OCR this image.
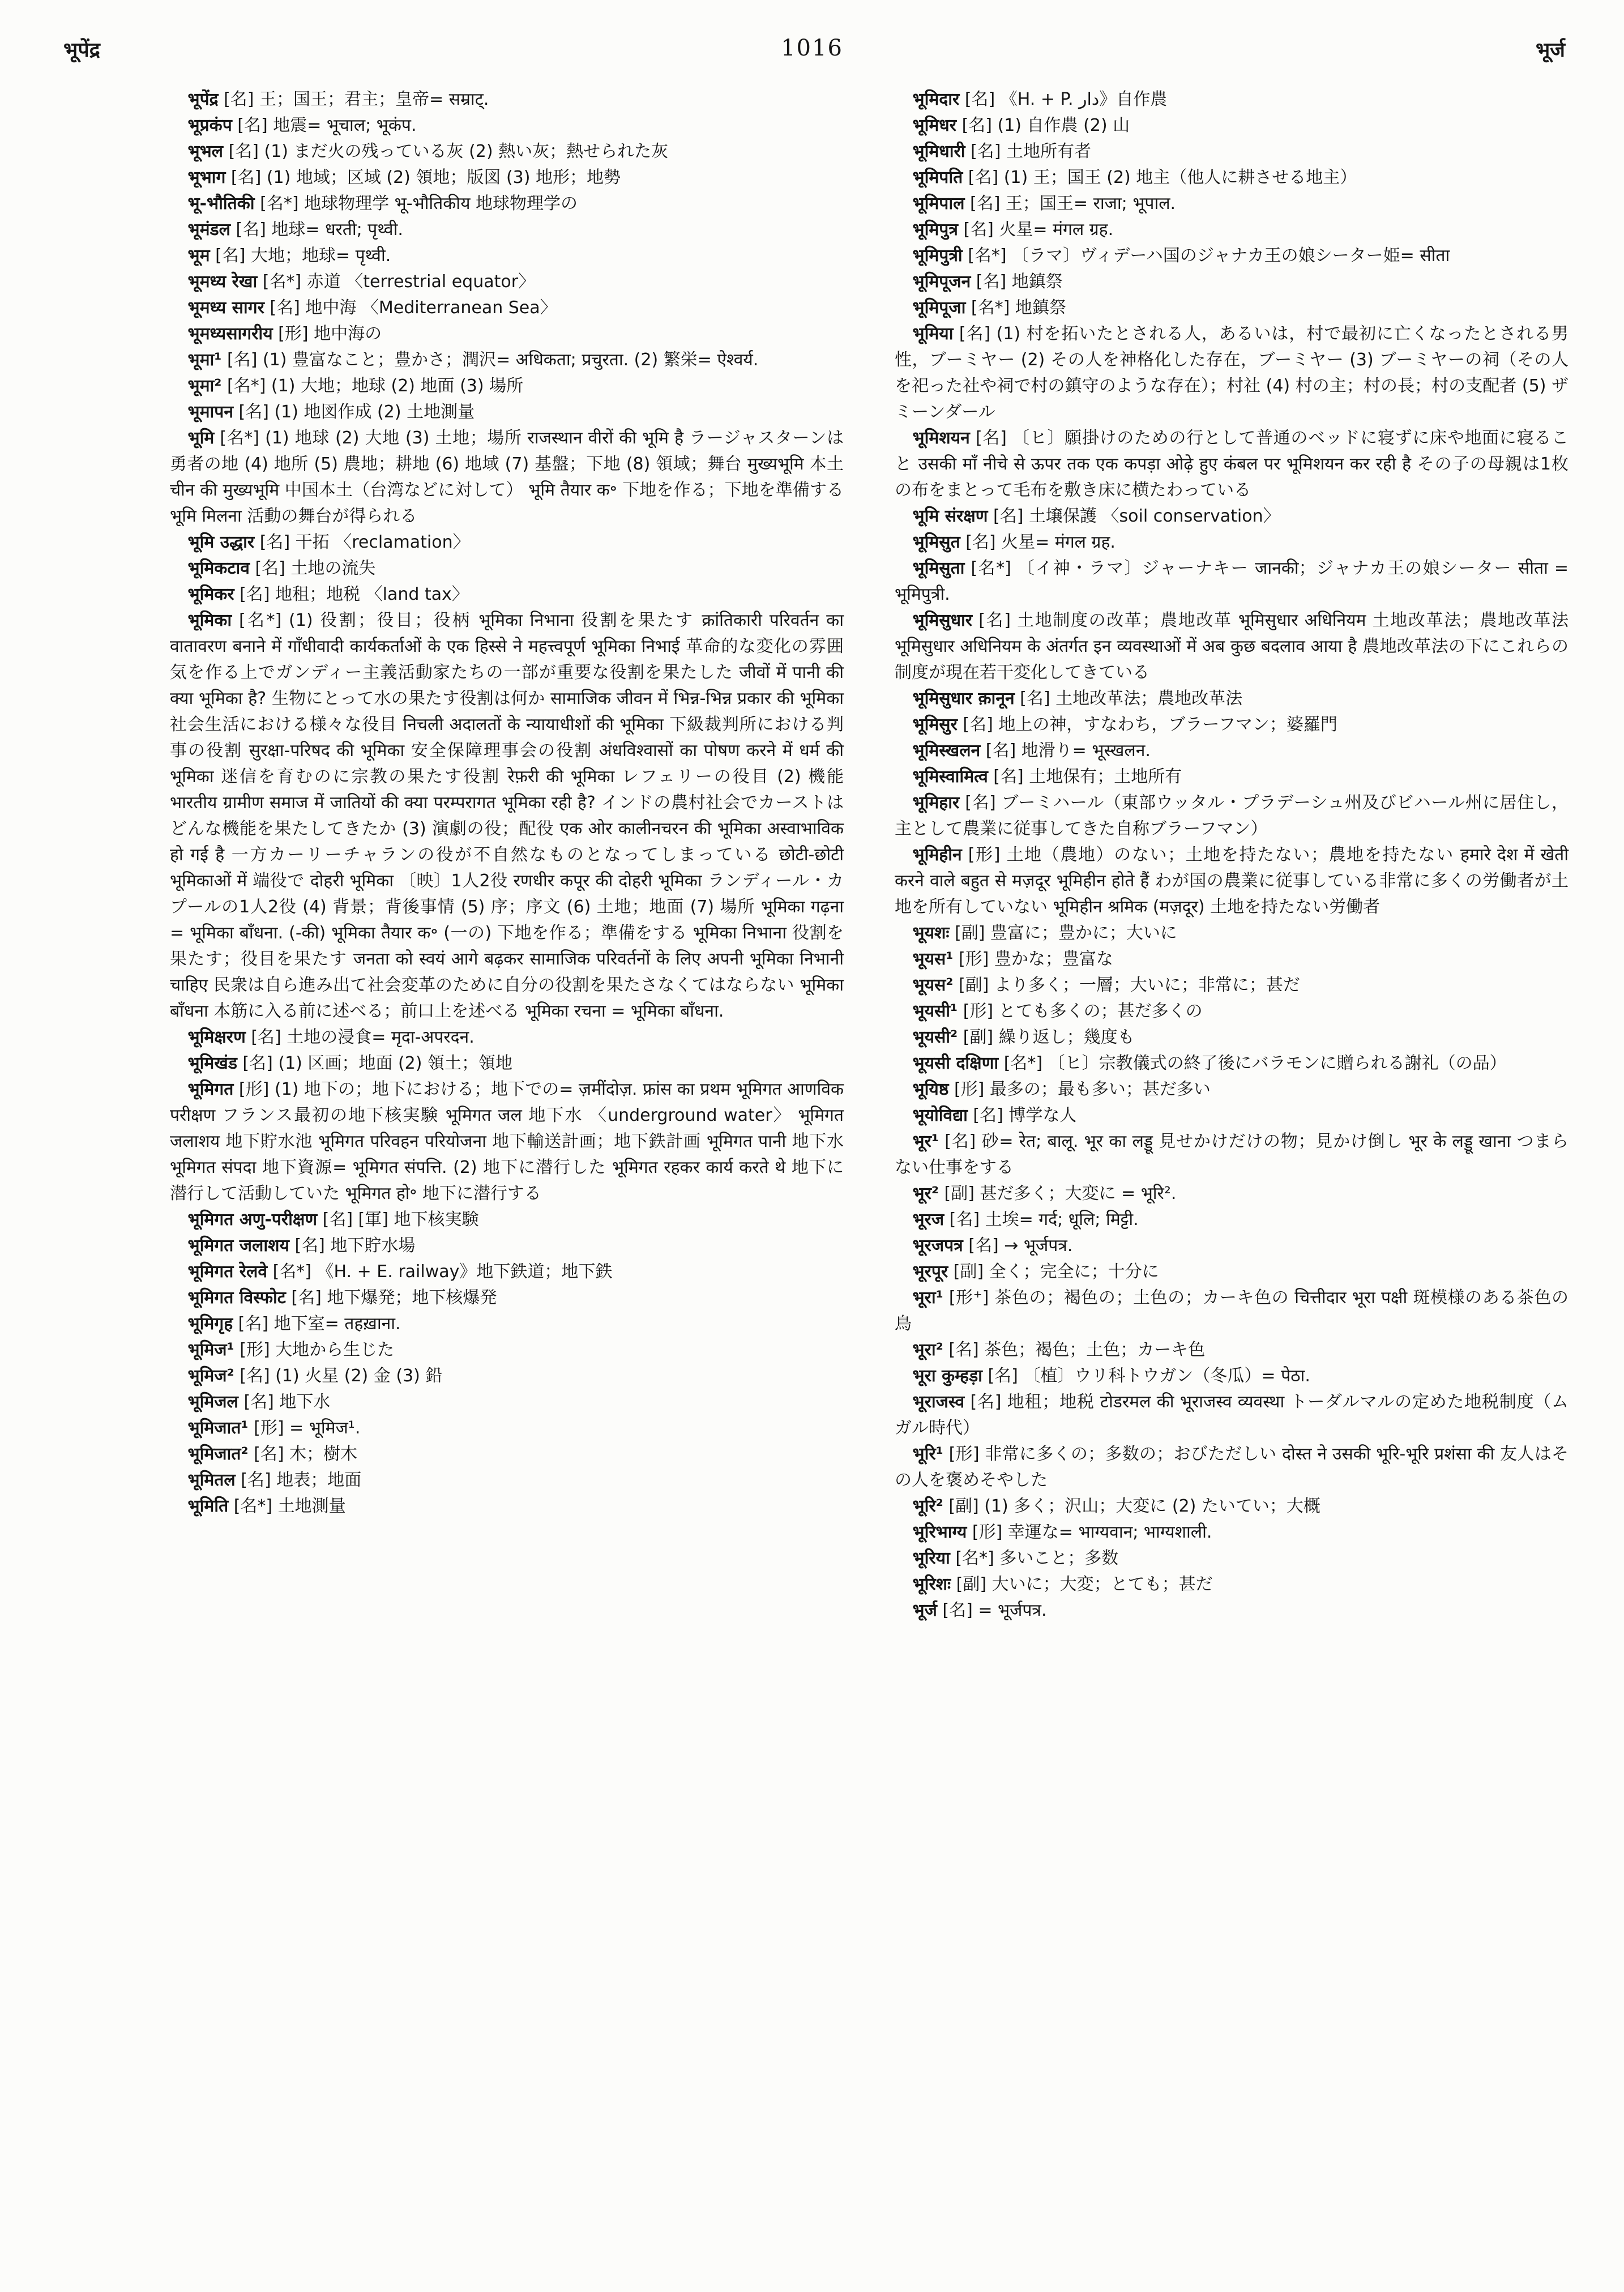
भूपेंद्र	1016	भूर्ज

भूपेंद्र [名] 王；国王；君主；皇帝= सम्राट्.

भूप्रकंप [名] 地震= भूचाल; भूकंप.

भूभल [名] (1) まだ火の残っている灰 (2) 熱い灰；熱せられた灰

भूभाग [名] (1) 地域；区域 (2) 領地；版図 (3) 地形；地勢

भू-भौतिकी [名*] 地球物理学 भू-भौतिकीय 地球物理学の

भूमंडल [名] 地球= धरती; पृथ्वी.

भूम [名] 大地；地球= पृथ्वी.

भूमध्य रेखा [名*] 赤道 〈terrestrial equator〉

भूमध्य सागर [名] 地中海 〈Mediterranean Sea〉

भूमध्यसागरीय [形] 地中海の

भूमा¹ [名] (1) 豊富なこと；豊かさ；潤沢= अधिकता; प्रचुरता. (2) 繁栄= ऐश्वर्य.

भूमा² [名*] (1) 大地；地球 (2) 地面 (3) 場所

भूमापन [名] (1) 地図作成 (2) 土地測量

भूमि [名*] (1) 地球 (2) 大地 (3) 土地；場所 राजस्थान वीरों की भूमि है ラージャスターンは勇者の地 (4) 地所 (5) 農地；耕地 (6) 地域 (7) 基盤；下地 (8) 領域；舞台 मुख्यभूमि 本土 चीन की मुख्यभूमि 中国本土（台湾などに対して） भूमि तैयार क॰ 下地を作る；下地を準備する भूमि मिलना 活動の舞台が得られる

भूमि उद्धार [名] 干拓 〈reclamation〉

भूमिकटाव [名] 土地の流失

भूमिकर [名] 地租；地税 〈land tax〉

भूमिका [名*] (1) 役割；役目；役柄 भूमिका निभाना 役割を果たす क्रांतिकारी परिवर्तन का वातावरण बनाने में गाँधीवादी कार्यकर्ताओं के एक हिस्से ने महत्त्वपूर्ण भूमिका निभाई 革命的な変化の雰囲気を作る上でガンディー主義活動家たちの一部が重要な役割を果たした जीवों में पानी की क्या भूमिका है? 生物にとって水の果たす役割は何か सामाजिक जीवन में भिन्न-भिन्न प्रकार की भूमिका 社会生活における様々な役目 निचली अदालतों के न्यायाधीशों की भूमिका 下級裁判所における判事の役割 सुरक्षा-परिषद की भूमिका 安全保障理事会の役割 अंधविश्वासों का पोषण करने में धर्म की भूमिका 迷信を育むのに宗教の果たす役割 रेफ़री की भूमिका レフェリーの役目 (2) 機能 भारतीय ग्रामीण समाज में जातियों की क्या परम्परागत भूमिका रही है? インドの農村社会でカーストはどんな機能を果たしてきたか (3) 演劇の役；配役 एक ओर कालीनचरन की भूमिका अस्वाभाविक हो गई है 一方カーリーチャランの役が不自然なものとなってしまっている छोटी-छोटी भूमिकाओं में 端役で दोहरी भूमिका 〔映〕1人2役 रणधीर कपूर की दोहरी भूमिका ランディール・カプールの1人2役 (4) 背景；背後事情 (5) 序；序文 (6) 土地；地面 (7) 場所 भूमिका गढ़ना = भूमिका बाँधना. (-की) भूमिका तैयार क॰ (一の) 下地を作る；準備をする भूमिका निभाना 役割を果たす；役目を果たす जनता को स्वयं आगे बढ़कर सामाजिक परिवर्तनों के लिए अपनी भूमिका निभानी चाहिए 民衆は自ら進み出て社会変革のために自分の役割を果たさなくてはならない भूमिका बाँधना 本筋に入る前に述べる；前口上を述べる भूमिका रचना = भूमिका बाँधना.

भूमिक्षरण [名] 土地の浸食= मृदा-अपरदन.

भूमिखंड [名] (1) 区画；地面 (2) 領土；領地

भूमिगत [形] (1) 地下の；地下における；地下での= ज़मींदोज़. फ्रांस का प्रथम भूमिगत आणविक परीक्षण フランス最初の地下核実験 भूमिगत जल 地下水 〈underground water〉 भूमिगत जलाशय 地下貯水池 भूमिगत परिवहन परियोजना 地下輸送計画；地下鉄計画 भूमिगत पानी 地下水 भूमिगत संपदा 地下資源= भूमिगत संपत्ति. (2) 地下に潜行した भूमिगत रहकर कार्य करते थे 地下に潜行して活動していた भूमिगत हो॰ 地下に潜行する

भूमिगत अणु-परीक्षण [名] [軍] 地下核実験

भूमिगत जलाशय [名] 地下貯水場

भूमिगत रेलवे [名*] 《H. + E. railway》地下鉄道；地下鉄

भूमिगत विस्फोट [名] 地下爆発；地下核爆発

भूमिगृह [名] 地下室= तहख़ाना.

भूमिज¹ [形] 大地から生じた

भूमिज² [名] (1) 火星 (2) 金 (3) 鉛

भूमिजल [名] 地下水

भूमिजात¹ [形] = भूमिज¹.

भूमिजात² [名] 木；樹木

भूमितल [名] 地表；地面

भूमिति [名*] 土地測量

भूमिदार [名] 《H. + P. دار》自作農

भूमिधर [名] (1) 自作農 (2) 山

भूमिधारी [名] 土地所有者

भूमिपति [名] (1) 王；国王 (2) 地主（他人に耕させる地主）

भूमिपाल [名] 王；国王= राजा; भूपाल.

भूमिपुत्र [名] 火星= मंगल ग्रह.

भूमिपुत्री [名*] 〔ラマ〕ヴィデーハ国のジャナカ王の娘シーター姫= सीता

भूमिपूजन [名] 地鎮祭

भूमिपूजा [名*] 地鎮祭

भूमिया [名] (1) 村を拓いたとされる人，あるいは，村で最初に亡くなったとされる男性，ブーミヤー (2) その人を神格化した存在，ブーミヤー (3) ブーミヤーの祠（その人を祀った社や祠で村の鎮守のような存在）；村社 (4) 村の主；村の長；村の支配者 (5) ザミーンダール

भूमिशयन [名] 〔ヒ〕願掛けのための行として普通のベッドに寝ずに床や地面に寝ること उसकी माँ नीचे से ऊपर तक एक कपड़ा ओढ़े हुए कंबल पर भूमिशयन कर रही है その子の母親は1枚の布をまとって毛布を敷き床に横たわっている

भूमि संरक्षण [名] 土壌保護 〈soil conservation〉

भूमिसुत [名] 火星= मंगल ग्रह.

भूमिसुता [名*] 〔イ神・ラマ〕ジャーナキー जानकी；ジャナカ王の娘シーター सीता = भूमिपुत्री.

भूमिसुधार [名] 土地制度の改革；農地改革 भूमिसुधार अधिनियम 土地改革法；農地改革法 भूमिसुधार अधिनियम के अंतर्गत इन व्यवस्थाओं में अब कुछ बदलाव आया है 農地改革法の下にこれらの制度が現在若干変化してきている

भूमिसुधार क़ानून [名] 土地改革法；農地改革法

भूमिसुर [名] 地上の神，すなわち，ブラーフマン；婆羅門

भूमिस्खलन [名] 地滑り= भूस्खलन.

भूमिस्वामित्व [名] 土地保有；土地所有

भूमिहार [名] ブーミハール（東部ウッタル・プラデーシュ州及びビハール州に居住し，主として農業に従事してきた自称ブラーフマン）

भूमिहीन [形] 土地（農地）のない；土地を持たない；農地を持たない हमारे देश में खेती करने वाले बहुत से मज़दूर भूमिहीन होते हैं わが国の農業に従事している非常に多くの労働者が土地を所有していない भूमिहीन श्रमिक (मज़दूर) 土地を持たない労働者

भूयशः [副] 豊富に；豊かに；大いに

भूयस¹ [形] 豊かな；豊富な

भूयस² [副] より多く；一層；大いに；非常に；甚だ

भूयसी¹ [形] とても多くの；甚だ多くの

भूयसी² [副] 繰り返し；幾度も

भूयसी दक्षिणा [名*] 〔ヒ〕宗教儀式の終了後にバラモンに贈られる謝礼（の品）

भूयिष्ठ [形] 最多の；最も多い；甚だ多い

भूयोविद्या [名] 博学な人

भूर¹ [名] 砂= रेत; बालू. भूर का लड्डू 見せかけだけの物；見かけ倒し भूर के लड्डू खाना つまらない仕事をする

भूर² [副] 甚だ多く；大変に = भूरि².

भूरज [名] 土埃= गर्द; धूलि; मिट्टी.

भूरजपत्र [名] → भूर्जपत्र.

भूरपूर [副] 全く；完全に；十分に

भूरा¹ [形⁺] 茶色の；褐色の；土色の；カーキ色の चित्तीदार भूरा पक्षी 斑模様のある茶色の鳥

भूरा² [名] 茶色；褐色；土色；カーキ色

भूरा कुम्हड़ा [名] 〔植〕ウリ科トウガン（冬瓜）= पेठा.

भूराजस्व [名] 地租；地税 टोडरमल की भूराजस्व व्यवस्था トーダルマルの定めた地税制度（ムガル時代）

भूरि¹ [形] 非常に多くの；多数の；おびただしい दोस्त ने उसकी भूरि-भूरि प्रशंसा की 友人はその人を褒めそやした

भूरि² [副] (1) 多く；沢山；大変に (2) たいてい；大概

भूरिभाग्य [形] 幸運な= भाग्यवान; भाग्यशाली.

भूरिया [名*] 多いこと；多数

भूरिशः [副] 大いに；大変；とても；甚だ

भूर्ज [名] = भूर्जपत्र.
